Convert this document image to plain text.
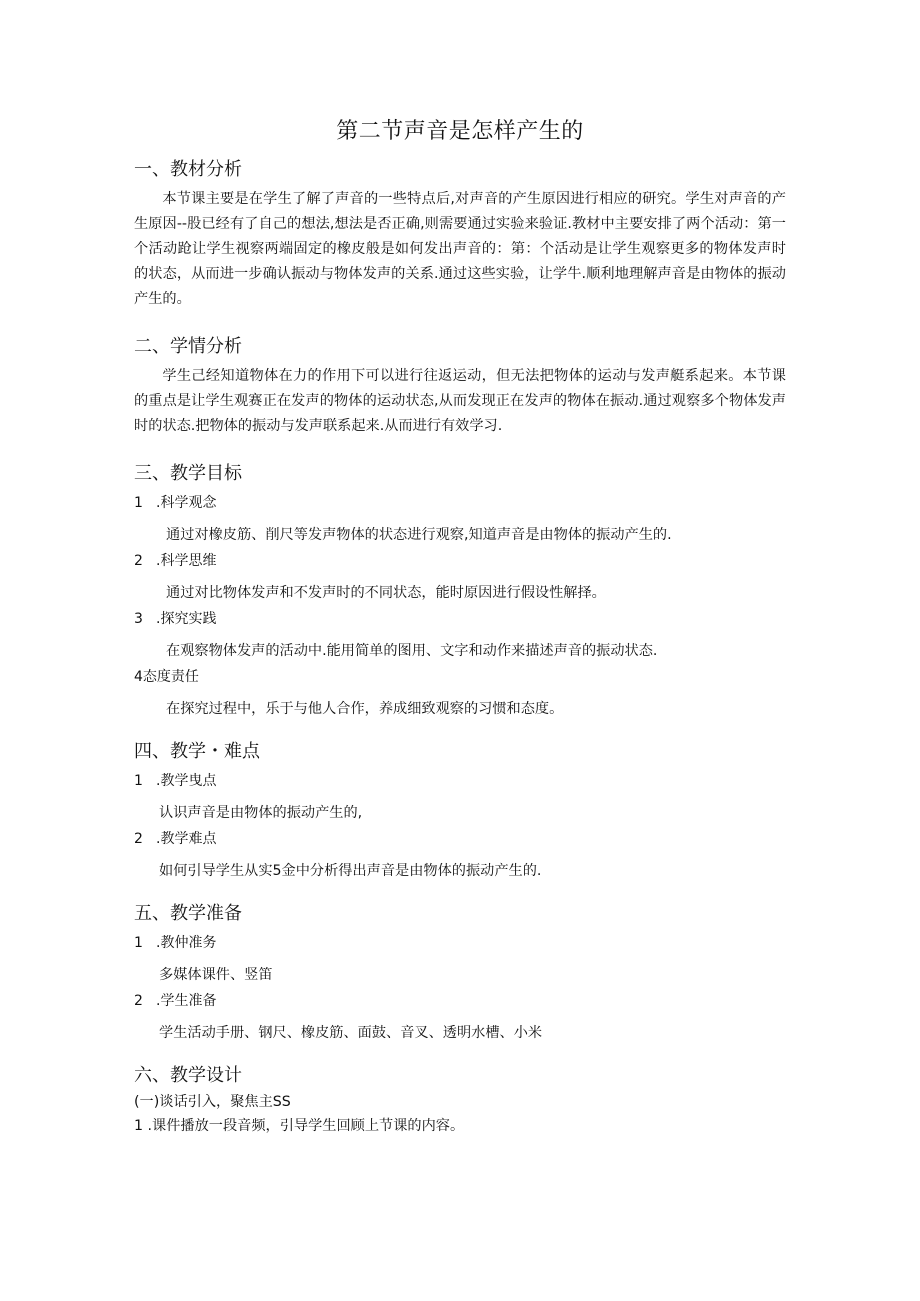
第二节声音是怎样产生的
一、教材分析

本节课主要是在学生了解了声音的一些特点后,对声音的产生原因进行相应的研究。学生对声音的产生原因--股已经有了自己的想法,想法是否正确,则需要通过实验来验证.教材中主要安排了两个活动：第一个活动跄让学生视察两端固定的橡皮般是如何发出声音的：第：个活动是让学生观察更多的物体发声时的状态，从而进一步确认振动与物体发声的关系.通过这些实验，让学牛.顺利地理解声音是由物体的振动产生的。

二、学情分析

学生己经知道物体在力的作用下可以进行往返运动，但无法把物体的运动与发声艇系起来。本节课的重点是让学生观赛正在发声的物体的运动状态,从而发现正在发声的物体在振动.通过观察多个物体发声时的状态.把物体的振动与发声联系起来.从而进行有效学习.

三、教学目标
1 .科学观念
通过对橡皮筋、削尺等发声物体的状态进行观察,知道声音是由物体的振动产生的.
2 .科学思维
通过对比物体发声和不发声时的不同状态，能时原因进行假设性解择。
3 .探究实践
在观察物体发声的活动中.能用简单的图用、文字和动作来描述声音的振动状态.
4态度责任
在探究过程中，乐于与他人合作，养成细致观察的习惯和态度。
四、教学・难点
1 .教学曳点
认识声音是由物体的振动产生的,
2 .教学难点
如何引导学生从实5金中分析得出声音是由物体的振动产生的.
五、教学准备
1 .教仲准务
多媒体课件、竖笛
2 .学生准备
学生活动手册、钢尺、橡皮筋、面鼓、音叉、透明水槽、小米
六、教学设计
(一)谈话引入，聚焦主SS
1 .课件播放一段音频，引导学生回顾上节课的内容。
